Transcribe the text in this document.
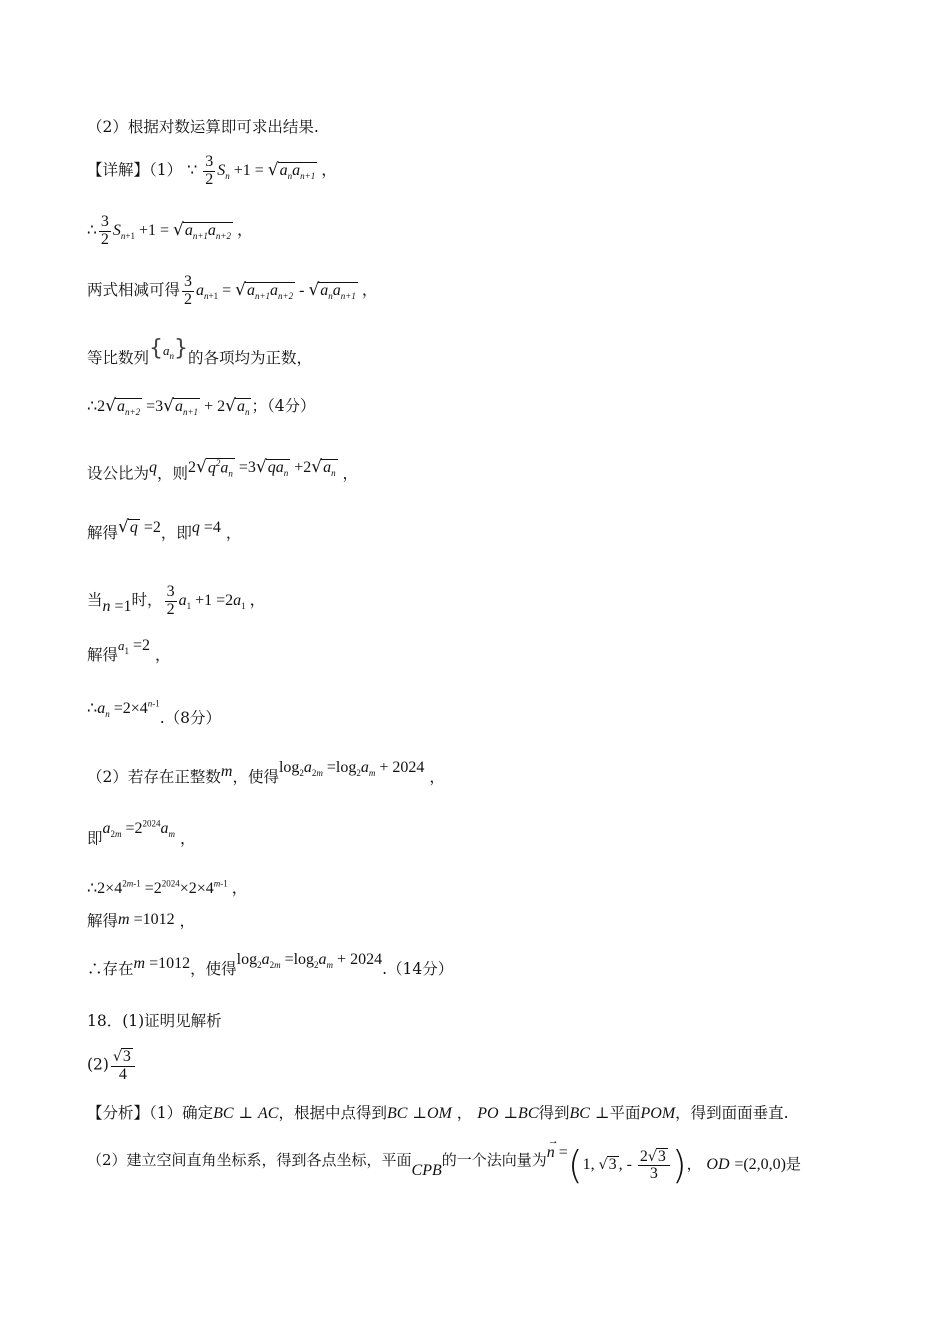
（2）根据对数运算即可求出结果.
【详解】（1） ∵ $\frac{3}{2} S_n +1 = √a_na_{n+1}$ ，
∴ $\frac{3}{2} S_{n+1} +1 = √a_{n+1}a_{n+2}$ ，
两式相减可得 $\frac{3}{2} a_{n+1} = √a_{n+1}a_{n+2} - √a_na_{n+1}$ ，
等比数列$\{a_n\}$的各项均为正数，
$\therefore 2√a_{n+2} =3√a_{n+1} + 2√a_n$ ；（4分）
设公比为q，则$2√q^2a_n =3√qa_n +2√a_n$ ，
解得√q =2，即q =4 ，
当n =1时， $\frac{3}{2} a_1 +1 =2a_1$ ，
解得$a_1 =2$ ，
$\therefore a_n =2\times 4^{n-1}.(8$分）
（2）若存在正整数m，使得$\log_2a_{2m} =\log_2a_m + 2024$ ，
即$a_{2m} =2^{2024}a_m$ ，
$\therefore 2\times 4^{2m-1} =2^{2024}\times 2\times 4^{m-1}$ ，
解得m =1012 ，
∴存在m =1012，使得$\log_2a_{2m} =\log_2a_m + 2024.(14$分）
18．(1)证明见解析
$(2) \frac{√3}{4}$
【分析】（1）确定BC ⊥ AC，根据中点得到BC ⊥OM ， PO ⊥BC得到BC ⊥平面POM，得到面面垂直.
（2）建立空间直角坐标系，得到各点坐标，平面CPB的一个法向量为
→
n =(1, √3 , - $\frac{2√3}{3}$ )， OD =(2,0,0)是
